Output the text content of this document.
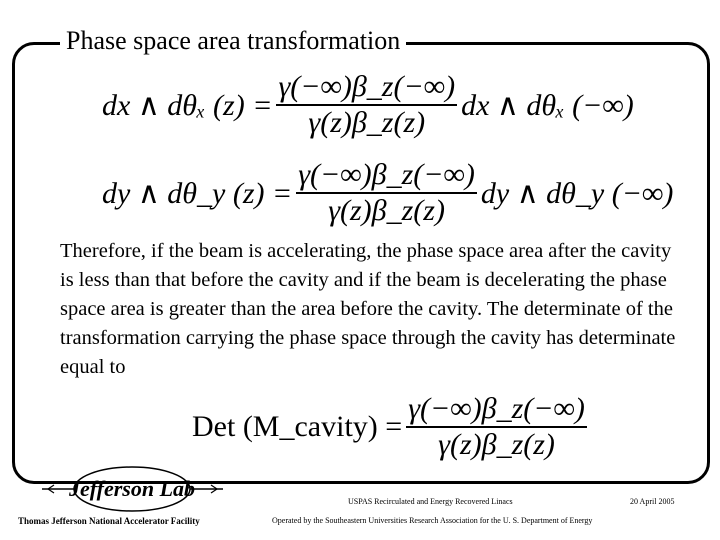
Phase space area transformation
dx ∧ dθₓ $(z) = \frac{\gamma(-\infty)\beta\_z(-\infty)}{\gamma(z)\beta\_z(z)}$ dx ∧ dθₓ (−∞)
dy ∧ dθ_y $(z) = \frac{\gamma(-\infty)\beta\_z(-\infty)}{\gamma(z)\beta\_z(z)}$ dy ∧ dθ_y (−∞)
Therefore, if the beam is accelerating, the phase space area after the cavity is less than that before the cavity and if the beam is decelerating the phase space area is greater than the area before the cavity. The determinate of the transformation carrying the phase space through the cavity has determinate equal to
Det (M_cavity) = $\frac{\gamma(-\infty)\beta\_z(-\infty)}{\gamma(z)\beta\_z(z)}$
Jefferson Lab
Thomas Jefferson National Accelerator Facility
USPAS Recirculated and Energy Recovered Linacs	20 April 2005
Operated by the Southeastern Universities Research Association for the U. S. Department of Energy
